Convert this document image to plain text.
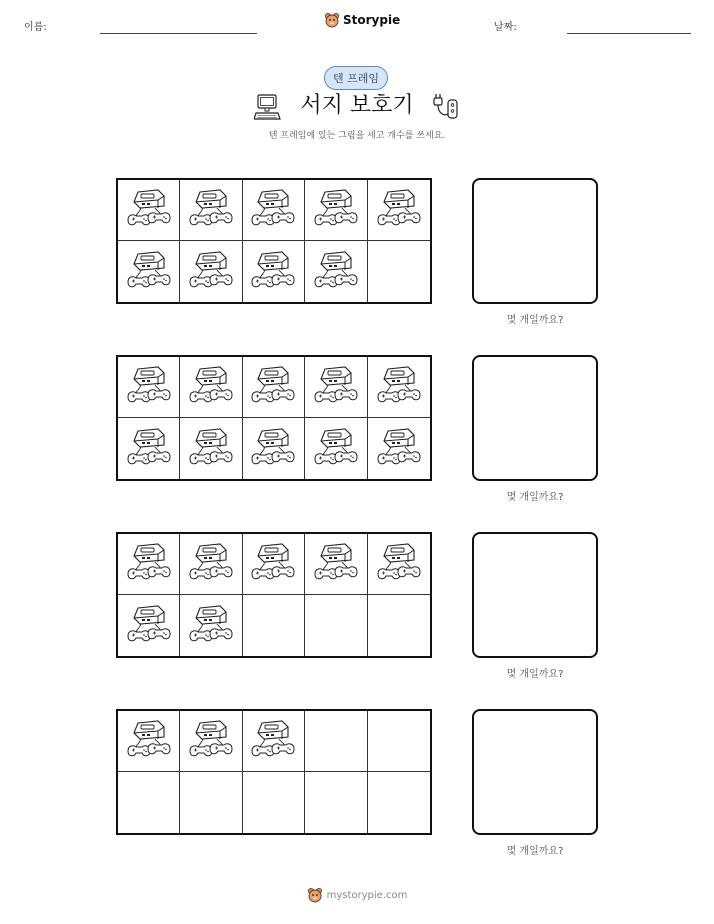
이름:
Storypie
날짜:
텐 프레임
서지 보호기
텐 프레임에 있는 그림을 세고 개수를 쓰세요.
몇 개일까요?
몇 개일까요?
몇 개일까요?
몇 개일까요?
mystorypie.com
